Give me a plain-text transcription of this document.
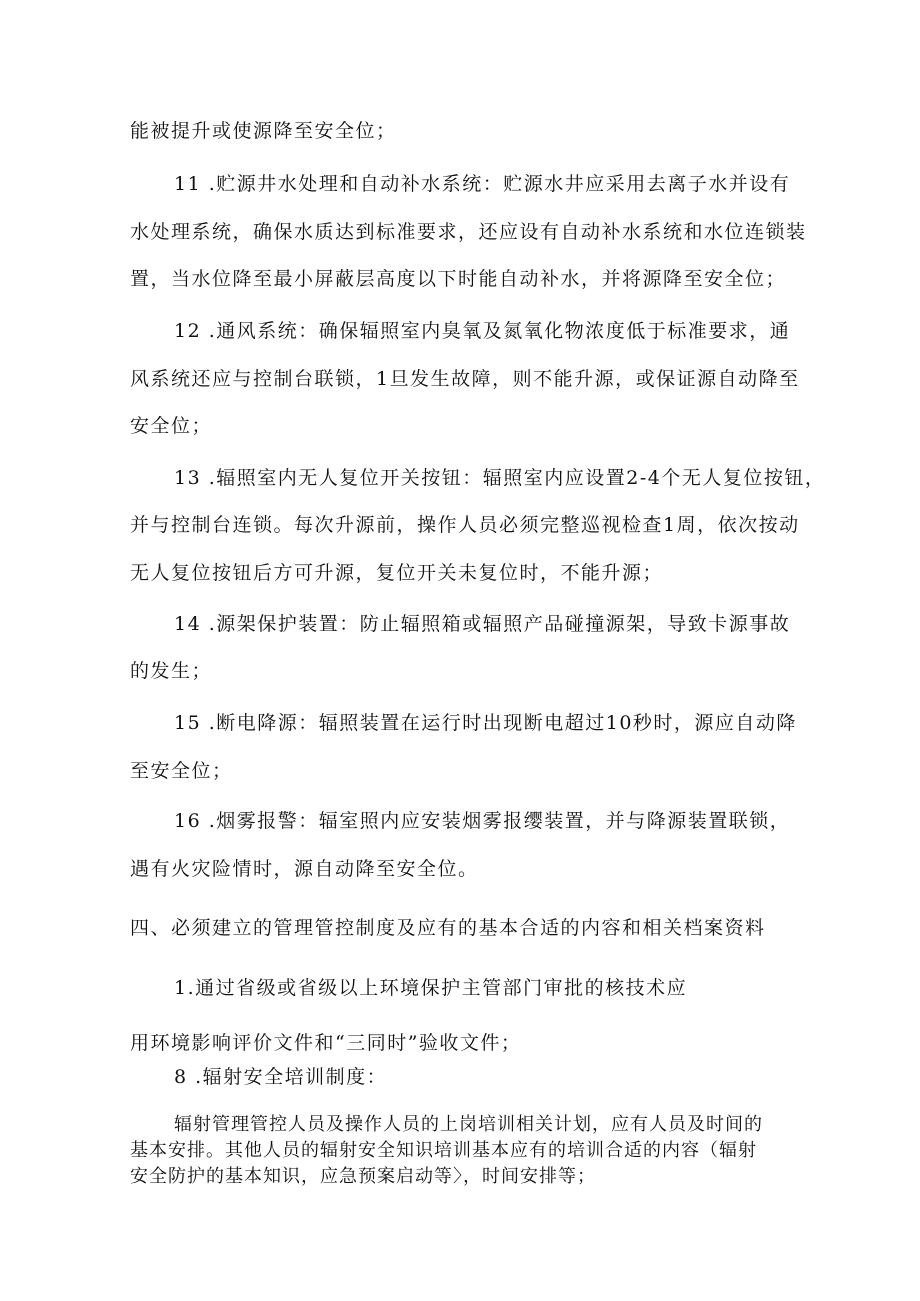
能被提升或使源降至安全位；
11 .贮源井水处理和自动补水系统：贮源水井应采用去离子水并设有
水处理系统，确保水质达到标准要求，还应设有自动补水系统和水位连锁装
置，当水位降至最小屏蔽层高度以下时能自动补水，并将源降至安全位；
12 .通风系统：确保辐照室内臭氧及氮氧化物浓度低于标准要求，通
风系统还应与控制台联锁，1旦发生故障，则不能升源，或保证源自动降至
安全位；
13 .辐照室内无人复位开关按钮：辐照室内应设置2-4个无人复位按钮，
并与控制台连锁。每次升源前，操作人员必须完整巡视检查1周，依次按动
无人复位按钮后方可升源，复位开关未复位时，不能升源；
14 .源架保护装置：防止辐照箱或辐照产品碰撞源架，导致卡源事故
的发生；
15 .断电降源：辐照装置在运行时出现断电超过10秒时，源应自动降
至安全位；
16 .烟雾报警：辐室照内应安装烟雾报缨装置，并与降源装置联锁，
遇有火灾险情时，源自动降至安全位。
四、必须建立的管理管控制度及应有的基本合适的内容和相关档案资料
1.通过省级或省级以上环境保护主管部门审批的核技术应
用环境影响评价文件和“三同时”验收文件；
8 .辐射安全培训制度：
辐射管理管控人员及操作人员的上岗培训相关计划，应有人员及时间的
基本安排。其他人员的辐射安全知识培训基本应有的培训合适的内容（辐射
安全防护的基本知识，应急预案启动等〉，时间安排等；
